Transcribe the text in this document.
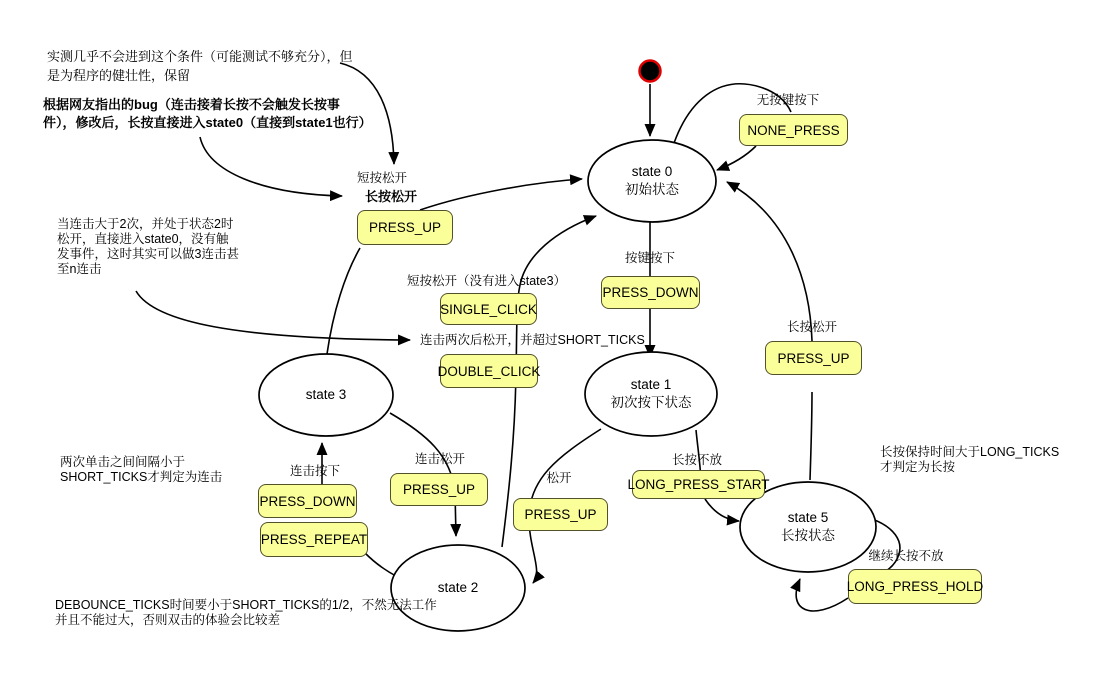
state 0
初始状态
state 1
初次按下状态
state 2
state 3
state 5
长按状态
NONE_PRESS
PRESS_UP
PRESS_DOWN
SINGLE_CLICK
DOUBLE_CLICK
PRESS_UP
LONG_PRESS_START
PRESS_UP
PRESS_UP
PRESS_DOWN
PRESS_REPEAT
LONG_PRESS_HOLD
无按键按下
短按松开
长按松开
按键按下
短按松开（没有进入state3）
连击两次后松开，并超过SHORT_TICKS
长按松开
长按不放
松开
连击松开
连击按下
继续长按不放
实测几乎不会进到这个条件（可能测试不够充分），但
是为程序的健壮性，保留
根据网友指出的bug（连击接着长按不会触发长按事
件），修改后，长按直接进入state0（直接到state1也行）
当连击大于2次，并处于状态2时
松开，直接进入state0，没有触
发事件，这时其实可以做3连击甚
至n连击
两次单击之间间隔小于
SHORT_TICKS才判定为连击
DEBOUNCE_TICKS时间要小于SHORT_TICKS的1/2，不然无法工作
并且不能过大，否则双击的体验会比较差
长按保持时间大于LONG_TICKS
才判定为长按
